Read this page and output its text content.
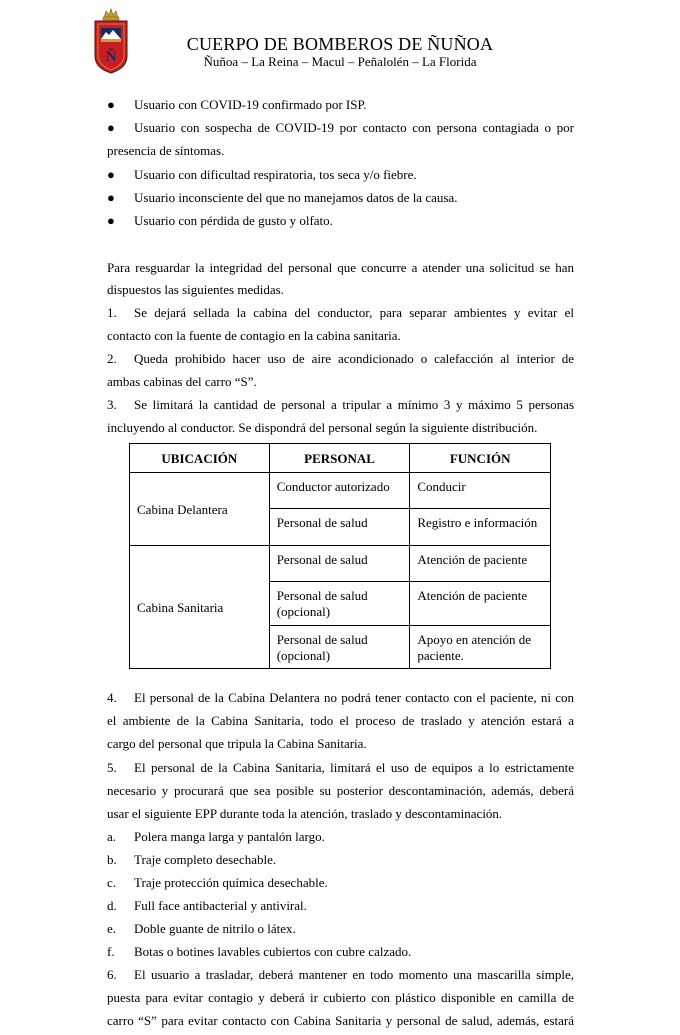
Ñ
CUERPO DE BOMBEROS DE ÑUÑOA
Ñuñoa – La Reina – Macul – Peñalolén – La Florida
●	Usuario con COVID-19 confirmado por ISP.
●	Usuario con sospecha de COVID-19 por contacto con persona contagiada o por
presencia de síntomas.
●	Usuario con dificultad respiratoria, tos seca y/o fiebre.
●	Usuario inconsciente del que no manejamos datos de la causa.
●	Usuario con pérdida de gusto y olfato.
Para resguardar la integridad del personal que concurre a atender una solicitud se han
dispuestos las siguientes medidas.
1.	Se dejará sellada la cabina del conductor, para separar ambientes y evitar el
contacto con la fuente de contagio en la cabina sanitaria.
2.	Queda prohibido hacer uso de aire acondicionado o calefacción al interior de
ambas cabinas del carro “S”.
3.	Se limitará la cantidad de personal a tripular a mínimo 3 y máximo 5 personas
incluyendo al conductor. Se dispondrá del personal según la siguiente distribución.
UBICACIÓN	PERSONAL	FUNCIÓN
Cabina Delantera	Conductor autorizado	Conducir
	Personal de salud	Registro e información
Cabina Sanitaria	Personal de salud	Atención de paciente
	Personal de salud (opcional)	Atención de paciente
	Personal de salud (opcional)	Apoyo en atención de paciente.
4.	El personal de la Cabina Delantera no podrá tener contacto con el paciente, ni con
el ambiente de la Cabina Sanitaria, todo el proceso de traslado y atención estará a
cargo del personal que tripula la Cabina Sanitaria.
5.	El personal de la Cabina Sanitaria, limitará el uso de equipos a lo estrictamente
necesario y procurará que sea posible su posterior descontaminación, además, deberá
usar el siguiente EPP durante toda la atención, traslado y descontaminación.
a.	Polera manga larga y pantalón largo.
b.	Traje completo desechable.
c.	Traje protección química desechable.
d.	Full face antibacterial y antiviral.
e.	Doble guante de nitrilo o látex.
f.	Botas o botines lavables cubiertos con cubre calzado.
6.	El usuario a trasladar, deberá mantener en todo momento una mascarilla simple,
puesta para evitar contagio y deberá ir cubierto con plástico disponible en camilla de
carro “S” para evitar contacto con Cabina Sanitaria y personal de salud, además, estará
